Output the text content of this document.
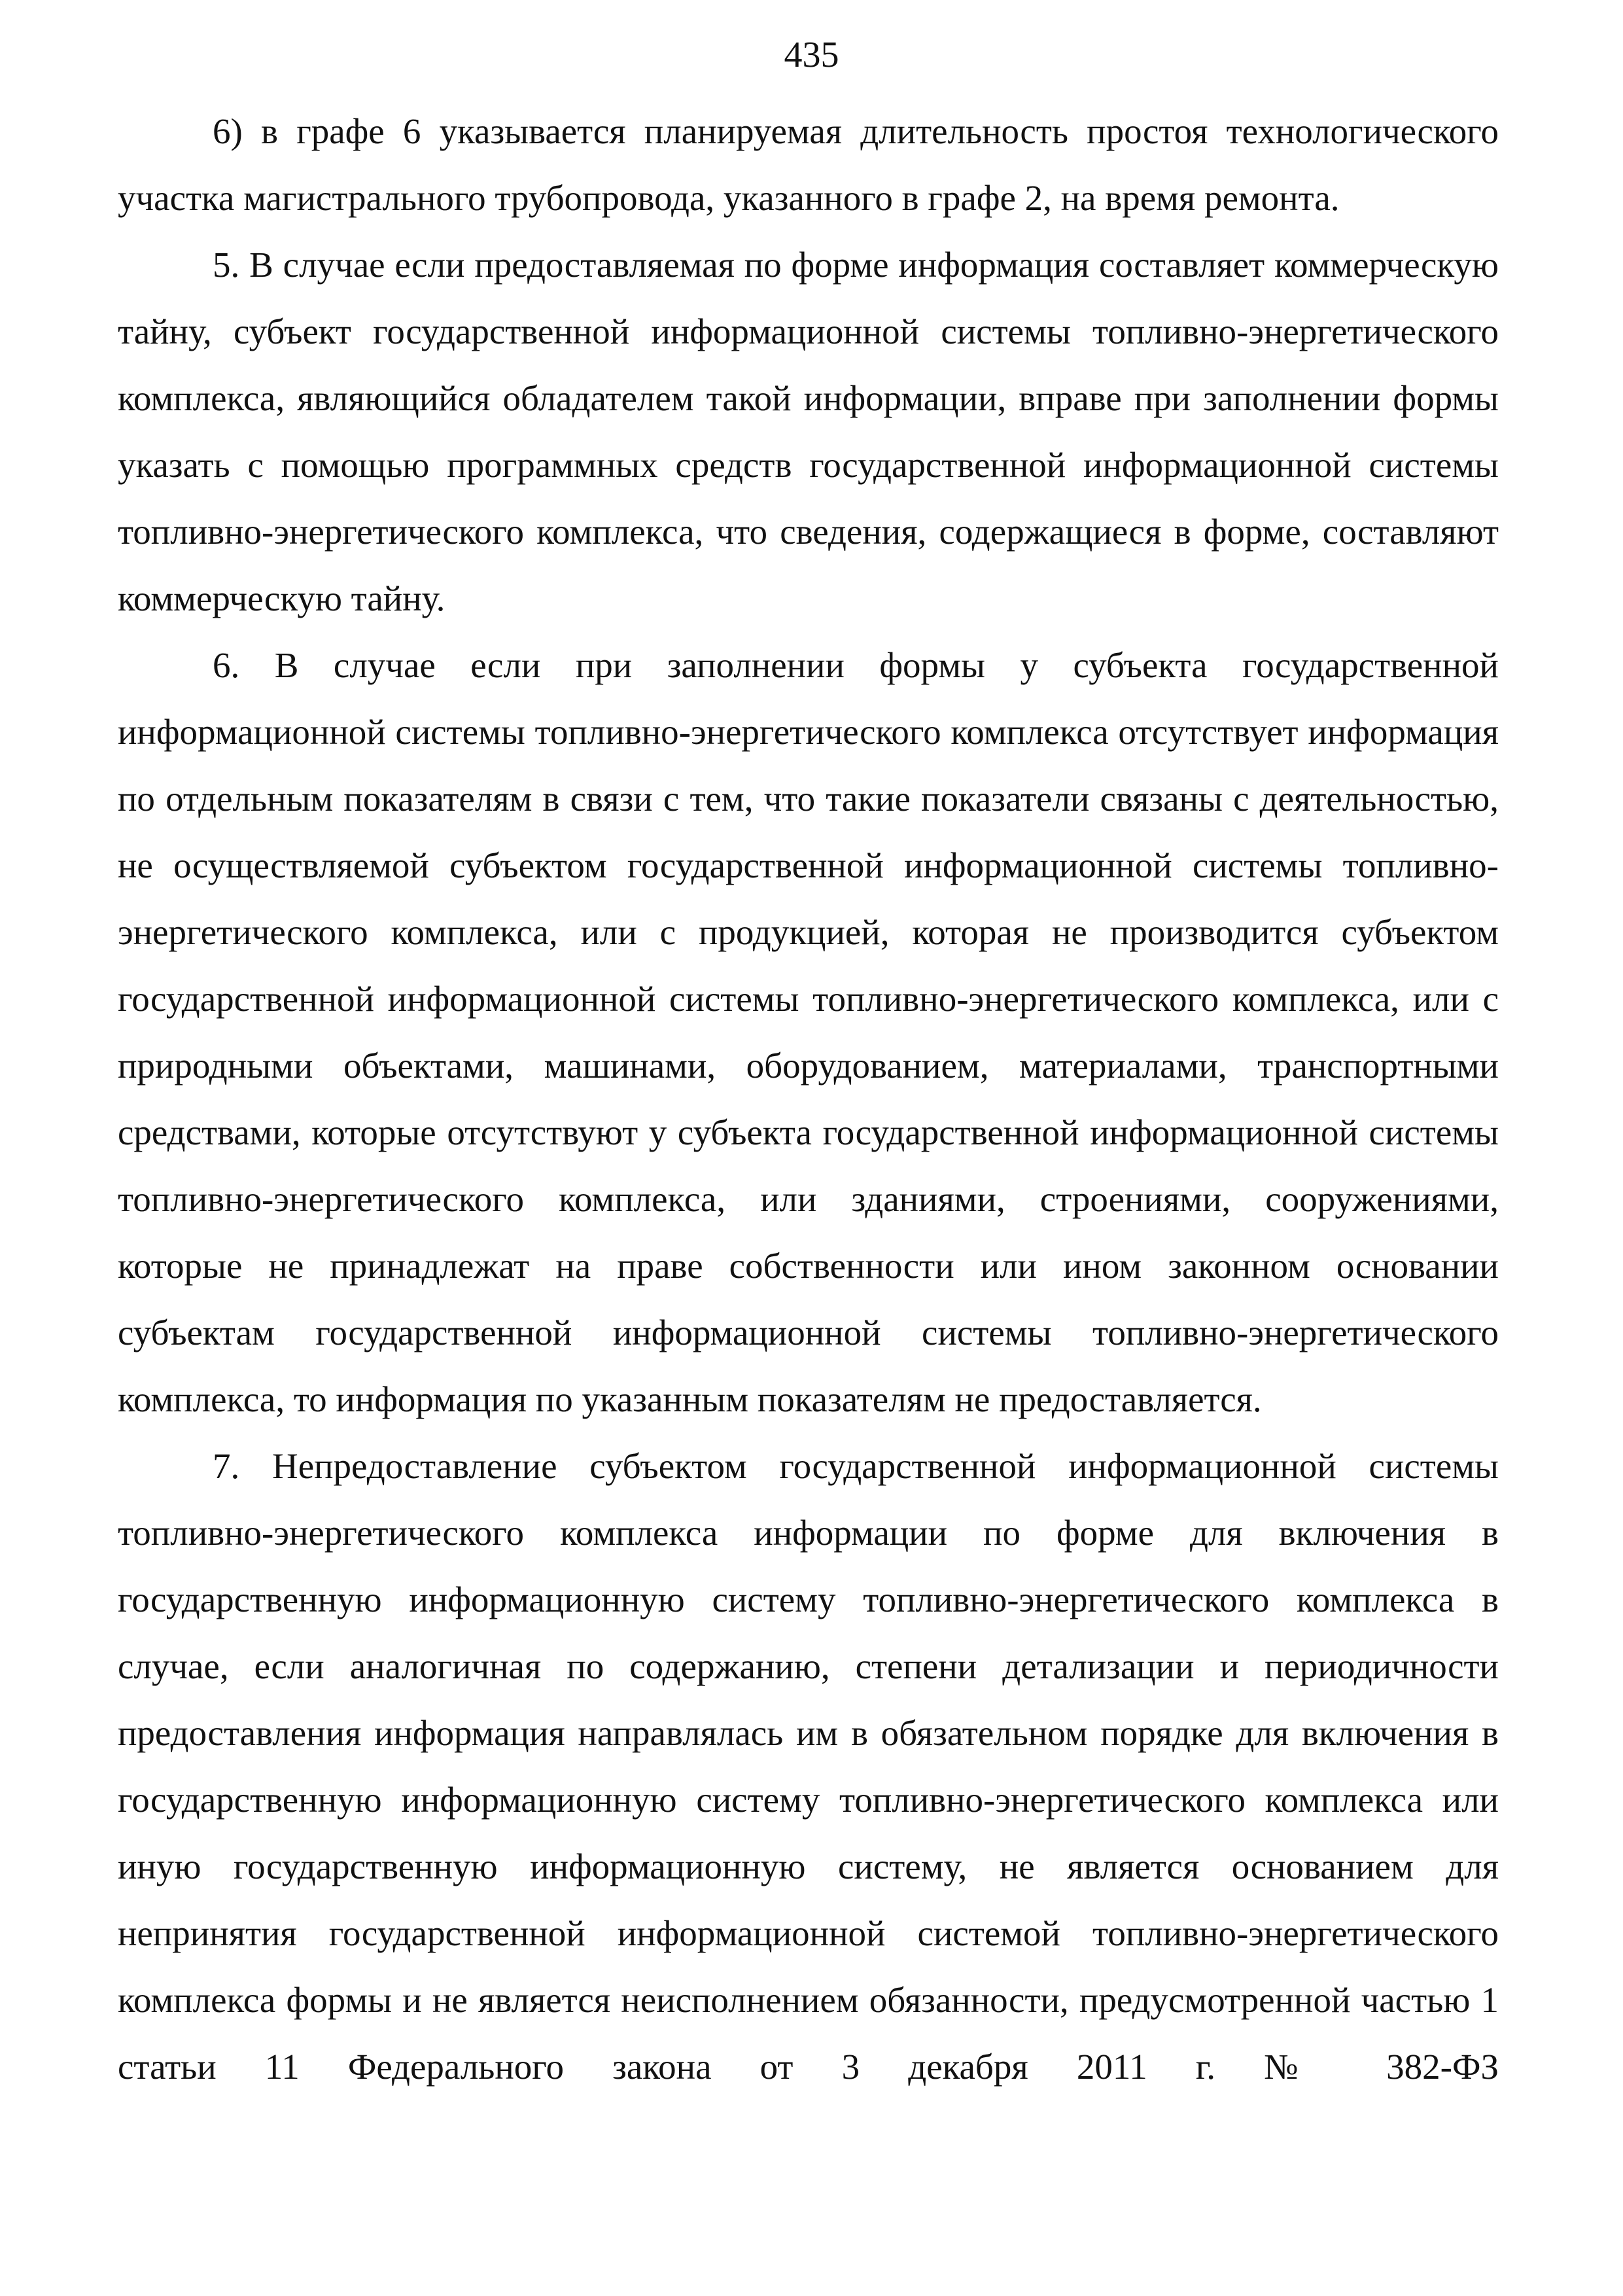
435

6) в графе 6 указывается планируемая длительность простоя технологического участка магистрального трубопровода, указанного в графе 2, на время ремонта.

5. В случае если предоставляемая по форме информация составляет коммерческую тайну, субъект государственной информационной системы топливно-энергетического комплекса, являющийся обладателем такой информации, вправе при заполнении формы указать с помощью программных средств государственной информационной системы топливно-энергетического комплекса, что сведения, содержащиеся в форме, составляют коммерческую тайну.

6. В случае если при заполнении формы у субъекта государственной информационной системы топливно-энергетического комплекса отсутствует информация по отдельным показателям в связи с тем, что такие показатели связаны с деятельностью, не осуществляемой субъектом государственной информационной системы топливно-энергетического комплекса, или с продукцией, которая не производится субъектом государственной информационной системы топливно-энергетического комплекса, или с природными объектами, машинами, оборудованием, материалами, транспортными средствами, которые отсутствуют у субъекта государственной информационной системы топливно-энергетического комплекса, или зданиями, строениями, сооружениями, которые не принадлежат на праве собственности или ином законном основании субъектам государственной информационной системы топливно-энергетического комплекса, то информация по указанным показателям не предоставляется.

7. Непредоставление субъектом государственной информационной системы топливно-энергетического комплекса информации по форме для включения в государственную информационную систему топливно-энергетического комплекса в случае, если аналогичная по содержанию, степени детализации и периодичности предоставления информация направлялась им в обязательном порядке для включения в государственную информационную систему топливно-энергетического комплекса или иную государственную информационную систему, не является основанием для непринятия государственной информационной системой топливно-энергетического комплекса формы и не является неисполнением обязанности, предусмотренной частью 1 статьи 11 Федерального закона от 3 декабря 2011 г. № 382-ФЗ
